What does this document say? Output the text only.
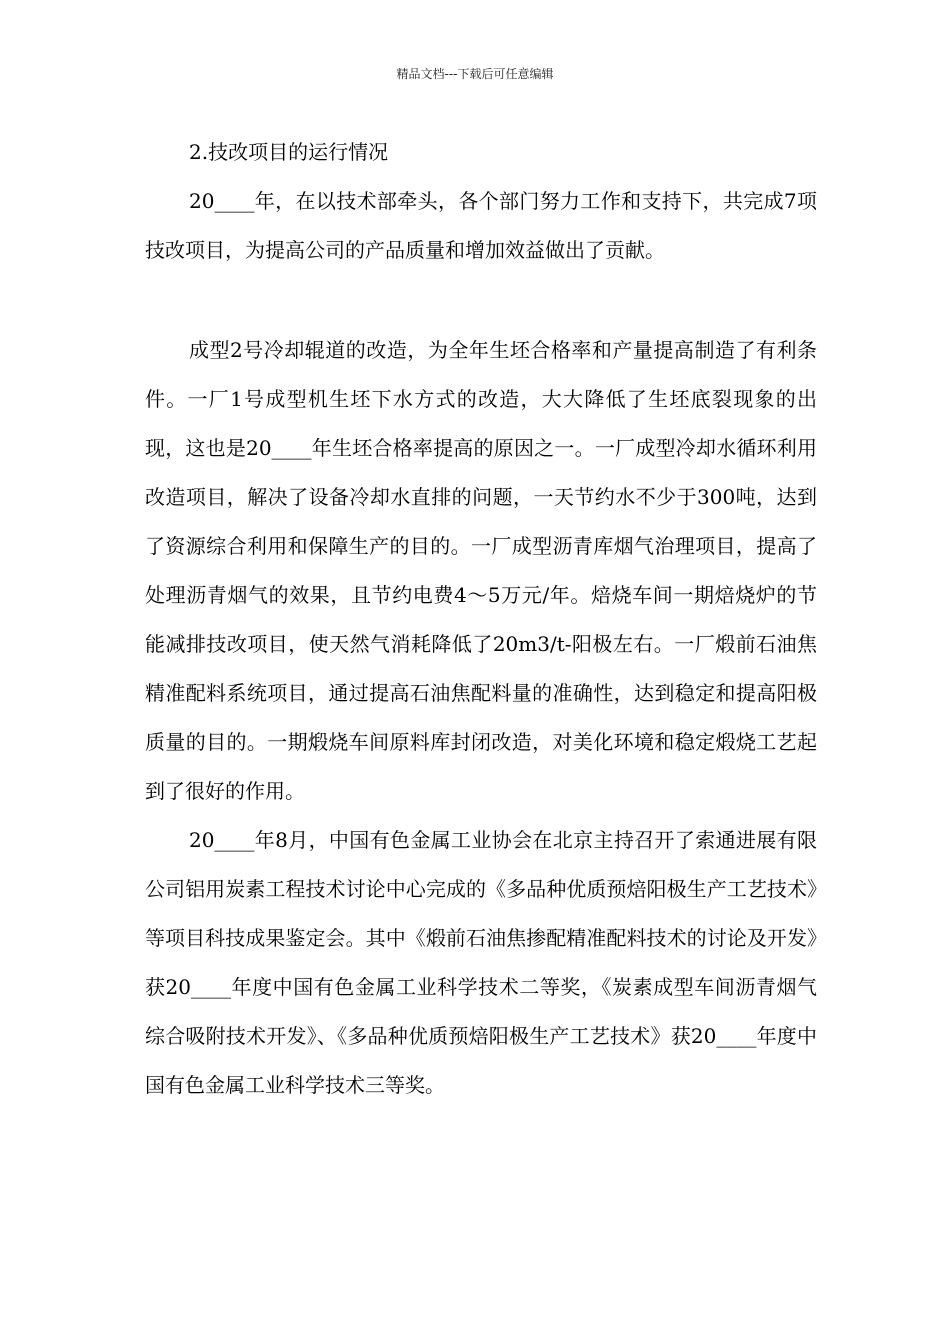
精品文档---下载后可任意编辑

2.技改项目的运行情况

20____年，在以技术部牵头，各个部门努力工作和支持下，共完成7项技改项目，为提高公司的产品质量和增加效益做出了贡献。

成型2号冷却辊道的改造，为全年生坯合格率和产量提高制造了有利条件。一厂1号成型机生坯下水方式的改造，大大降低了生坯底裂现象的出现，这也是20____年生坯合格率提高的原因之一。一厂成型冷却水循环利用改造项目，解决了设备冷却水直排的问题，一天节约水不少于300吨，达到了资源综合利用和保障生产的目的。一厂成型沥青库烟气治理项目，提高了处理沥青烟气的效果，且节约电费4～5万元/年。焙烧车间一期焙烧炉的节能减排技改项目，使天然气消耗降低了20m3/t-阳极左右。一厂煅前石油焦精准配料系统项目，通过提高石油焦配料量的准确性，达到稳定和提高阳极质量的目的。一期煅烧车间原料库封闭改造，对美化环境和稳定煅烧工艺起到了很好的作用。

20____年8月，中国有色金属工业协会在北京主持召开了索通进展有限公司铝用炭素工程技术讨论中心完成的《多品种优质预焙阳极生产工艺技术》等项目科技成果鉴定会。其中《煅前石油焦掺配精准配料技术的讨论及开发》获20____年度中国有色金属工业科学技术二等奖，《炭素成型车间沥青烟气综合吸附技术开发》、《多品种优质预焙阳极生产工艺技术》获20____年度中国有色金属工业科学技术三等奖。
